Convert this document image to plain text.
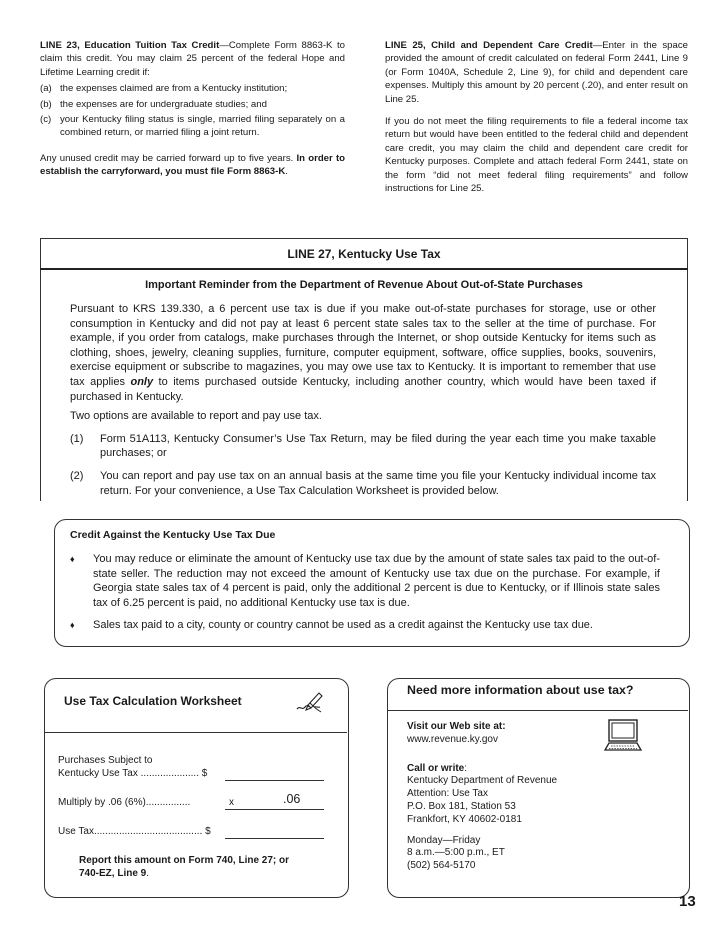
LINE 23, Education Tuition Tax Credit—Complete Form 8863-K to claim this credit. You may claim 25 percent of the federal Hope and Lifetime Learning credit if:

(a) the expenses claimed are from a Kentucky institution;
(b) the expenses are for undergraduate studies; and
(c) your Kentucky filing status is single, married filing separately on a combined return, or married filing a joint return.

Any unused credit may be carried forward up to five years. In order to establish the carryforward, you must file Form 8863-K.

LINE 25, Child and Dependent Care Credit—Enter in the space provided the amount of credit calculated on federal Form 2441, Line 9 (or Form 1040A, Schedule 2, Line 9), for child and dependent care expenses. Multiply this amount by 20 percent (.20), and enter result on Line 25.

If you do not meet the filing requirements to file a federal income tax return but would have been entitled to the federal child and dependent care credit, you may claim the child and dependent care credit for Kentucky purposes. Complete and attach federal Form 2441, state on the form “did not meet federal filing requirements” and follow instructions for Line 25.

LINE 27, Kentucky Use Tax
Important Reminder from the Department of Revenue About Out-of-State Purchases

Pursuant to KRS 139.330, a 6 percent use tax is due if you make out-of-state purchases for storage, use or other consumption in Kentucky and did not pay at least 6 percent state sales tax to the seller at the time of purchase. For example, if you order from catalogs, make purchases through the Internet, or shop outside Kentucky for items such as clothing, shoes, jewelry, cleaning supplies, furniture, computer equipment, software, office supplies, books, souvenirs, exercise equipment or subscribe to magazines, you may owe use tax to Kentucky. It is important to remember that use tax applies only to items purchased outside Kentucky, including another country, which would have been taxed if purchased in Kentucky.

Two options are available to report and pay use tax.

(1)	Form 51A113, Kentucky Consumer’s Use Tax Return, may be filed during the year each time you make taxable purchases; or
(2)	You can report and pay use tax on an annual basis at the same time you file your Kentucky individual income tax return. For your convenience, a Use Tax Calculation Worksheet is provided below.
Credit Against the Kentucky Use Tax Due
♦	You may reduce or eliminate the amount of Kentucky use tax due by the amount of state sales tax paid to the out-of-state seller. The reduction may not exceed the amount of Kentucky use tax due on the purchase. For example, if Georgia state sales tax of 4 percent is paid, only the additional 2 percent is due to Kentucky, or if Illinois state sales tax of 6.25 percent is paid, no additional Kentucky use tax is due.
♦	Sales tax paid to a city, county or country cannot be used as a credit against the Kentucky use tax due.
Use Tax Calculation Worksheet
Purchases Subject to
Kentucky Use Tax ..................... $
Multiply by .06 (6%)................	x	.06
Use Tax....................................... $
Report this amount on Form 740, Line 27; or
740-EZ, Line 9.
Need more information about use tax?

Visit our Web site at:
www.revenue.ky.gov

Call or write:
Kentucky Department of Revenue
Attention: Use Tax
P.O. Box 181, Station 53
Frankfort, KY 40602-0181

Monday—Friday
8 a.m.—5:00 p.m., ET
(502) 564-5170

13
